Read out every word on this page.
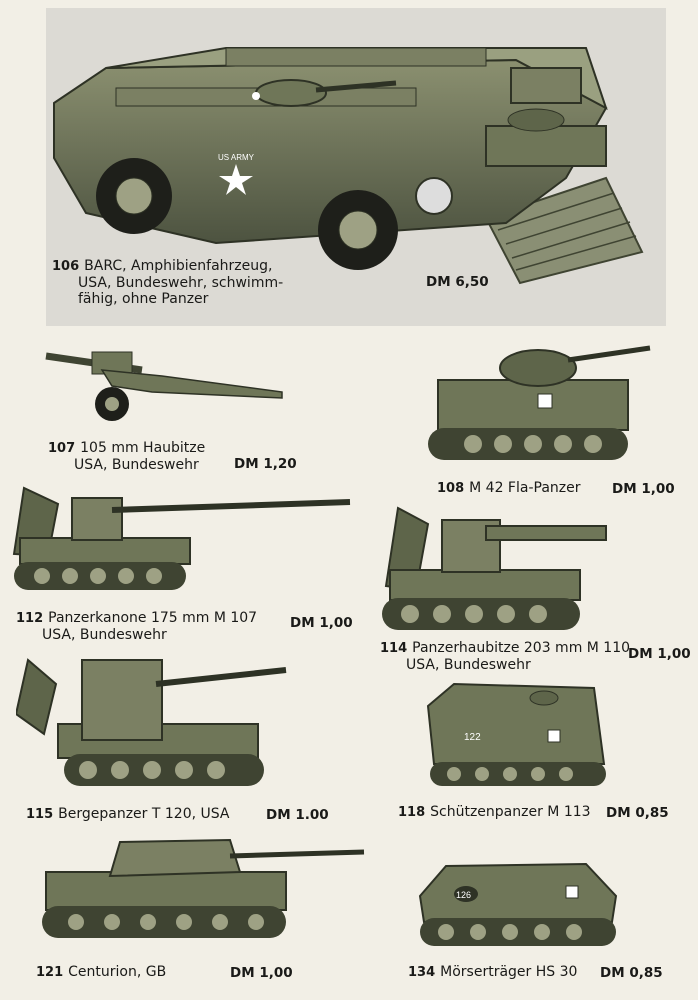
US ARMY
106 BARC, Amphibienfahrzeug,
USA, Bundeswehr, schwimm-
fähig, ohne Panzer
DM 6,50
107 105 mm Haubitze
USA, Bundeswehr	DM 1,20
108 M 42 Fla-Panzer DM 1,00
112 Panzerkanone 175 mm M 107
USA, Bundeswehr
DM 1,00
114 Panzerhaubitze 203 mm M 110
USA, Bundeswehr
DM 1,00
115 Bergepanzer T 120, USA	DM 1.00
122
118 Schützenpanzer M 113 DM 0,85
121 Centurion, GB	DM 1,00
126
134 Mörserträger HS 30 DM 0,85
